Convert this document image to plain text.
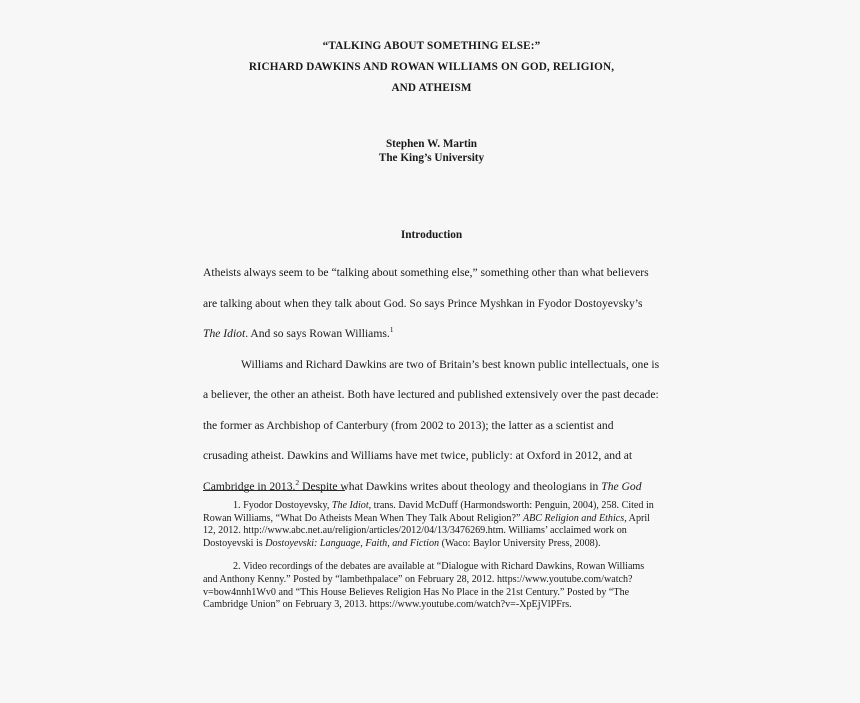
“TALKING ABOUT SOMETHING ELSE:”
RICHARD DAWKINS AND ROWAN WILLIAMS ON GOD, RELIGION,
AND ATHEISM
Stephen W. Martin
The King’s University
Introduction

Atheists always seem to be “talking about something else,” something other than what believers are talking about when they talk about God. So says Prince Myshkan in Fyodor Dostoyevsky’s The Idiot. And so says Rowan Williams.$^1$

Williams and Richard Dawkins are two of Britain’s best known public intellectuals, one is a believer, the other an atheist. Both have lectured and published extensively over the past decade: the former as Archbishop of Canterbury (from 2002 to 2013); the latter as a scientist and crusading atheist. Dawkins and Williams have met twice, publicly: at Oxford in 2012, and at Cambridge in 2013.$^2$ Despite what Dawkins writes about theology and theologians in The God

1. Fyodor Dostoyevsky, The Idiot, trans. David McDuff (Harmondsworth: Penguin, 2004), 258. Cited in Rowan Williams, “What Do Atheists Mean When They Talk About Religion?” ABC Religion and Ethics, April 12, 2012. http://www.abc.net.au/religion/articles/2012/04/13/3476269.htm. Williams’ acclaimed work on Dostoyevski is Dostoyevski: Language, Faith, and Fiction (Waco: Baylor University Press, 2008).
2. Video recordings of the debates are available at “Dialogue with Richard Dawkins, Rowan Williams and Anthony Kenny.” Posted by “lambethpalace” on February 28, 2012. https://www.youtube.com/watch?v=bow4nnh1Wv0 and “This House Believes Religion Has No Place in the 21st Century.” Posted by “The Cambridge Union” on February 3, 2013. https://www.youtube.com/watch?v=-XpEjVlPFrs.
